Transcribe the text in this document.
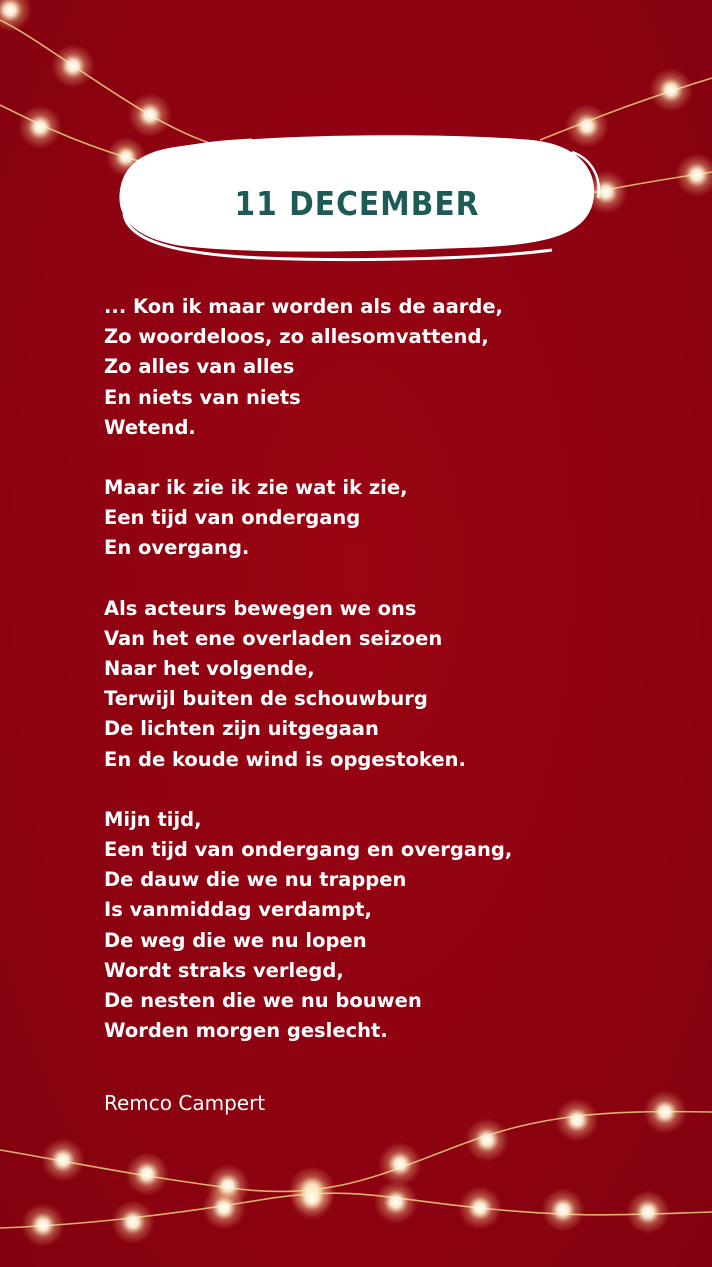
11 DECEMBER
... Kon ik maar worden als de aarde,
Zo woordeloos, zo allesomvattend,
Zo alles van alles
En niets van niets
Wetend.
Maar ik zie ik zie wat ik zie,
Een tijd van ondergang
En overgang.
Als acteurs bewegen we ons
Van het ene overladen seizoen
Naar het volgende,
Terwijl buiten de schouwburg
De lichten zijn uitgegaan
En de koude wind is opgestoken.
Mijn tijd,
Een tijd van ondergang en overgang,
De dauw die we nu trappen
Is vanmiddag verdampt,
De weg die we nu lopen
Wordt straks verlegd,
De nesten die we nu bouwen
Worden morgen geslecht.
Remco Campert
